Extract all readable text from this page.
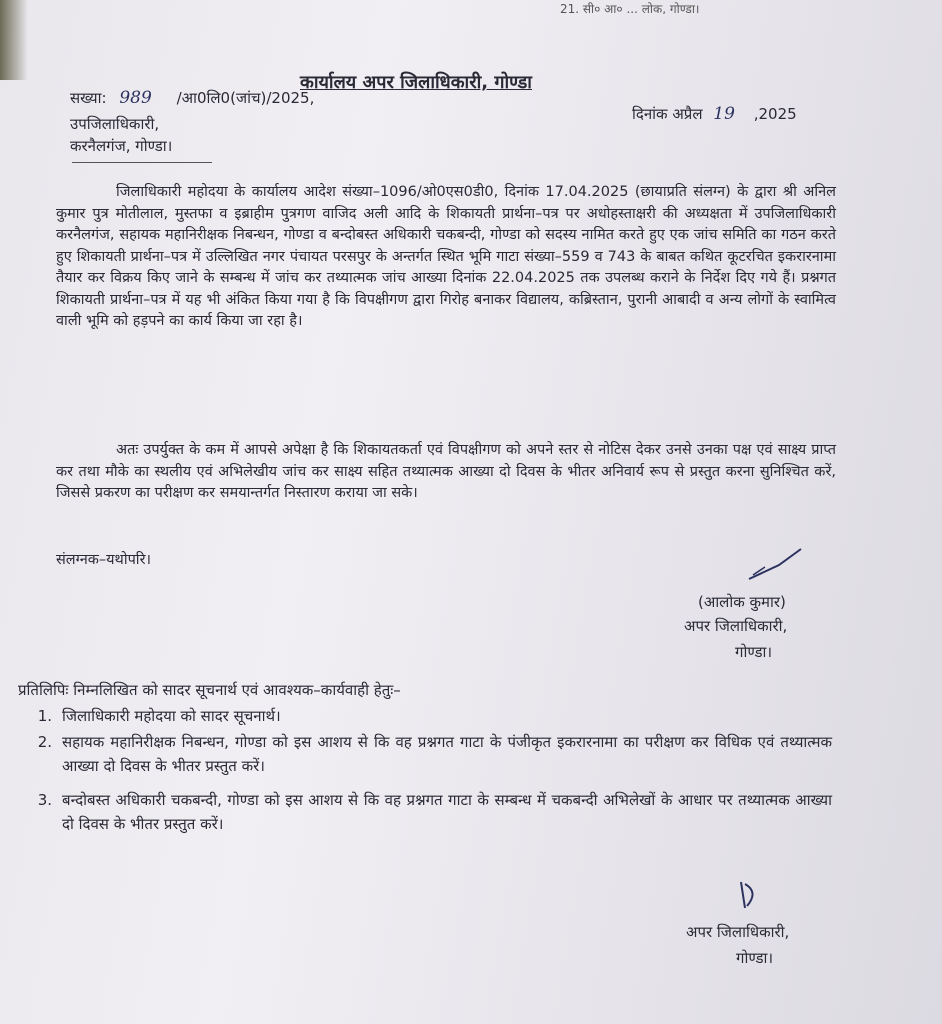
21. सी० आ० ... लोक, गोण्डा।
कार्यालय अपर जिलाधिकारी, गोण्डा
सख्या: 989 /आ0लि0(जांच)/2025,
दिनांक अप्रैल 19 ,2025
उपजिलाधिकारी,
करनैलगंज, गोण्डा।
जिलाधिकारी महोदया के कार्यालय आदेश संख्या–1096/ओ0एस0डी0, दिनांक 17.04.2025 (छायाप्रति संलग्न) के द्वारा श्री अनिल कुमार पुत्र मोतीलाल, मुस्तफा व इब्राहीम पुत्रगण वाजिद अली आदि के शिकायती प्रार्थना–पत्र पर अधोहस्ताक्षरी की अध्यक्षता में उपजिलाधिकारी करनैलगंज, सहायक महानिरीक्षक निबन्धन, गोण्डा व बन्दोबस्त अधिकारी चकबन्दी, गोण्डा को सदस्य नामित करते हुए एक जांच समिति का गठन करते हुए शिकायती प्रार्थना–पत्र में उल्लिखित नगर पंचायत परसपुर के अन्तर्गत स्थित भूमि गाटा संख्या–559 व 743 के बाबत कथित कूटरचित इकरारनामा तैयार कर विक्रय किए जाने के सम्बन्ध में जांच कर तथ्यात्मक जांच आख्या दिनांक 22.04.2025 तक उपलब्ध कराने के निर्देश दिए गये हैं। प्रश्नगत शिकायती प्रार्थना–पत्र में यह भी अंकित किया गया है कि विपक्षीगण द्वारा गिरोह बनाकर विद्यालय, कब्रिस्तान, पुरानी आबादी व अन्य लोगों के स्वामित्व वाली भूमि को हड़पने का कार्य किया जा रहा है।
अतः उपर्युक्त के कम में आपसे अपेक्षा है कि शिकायतकर्ता एवं विपक्षीगण को अपने स्तर से नोटिस देकर उनसे उनका पक्ष एवं साक्ष्य प्राप्त कर तथा मौके का स्थलीय एवं अभिलेखीय जांच कर साक्ष्य सहित तथ्यात्मक आख्या दो दिवस के भीतर अनिवार्य रूप से प्रस्तुत करना सुनिश्चित करें, जिससे प्रकरण का परीक्षण कर समयान्तर्गत निस्तारण कराया जा सके।
संलग्नक–यथोपरि।
(आलोक कुमार)
अपर जिलाधिकारी,
गोण्डा।
प्रतिलिपिः निम्नलिखित को सादर सूचनार्थ एवं आवश्यक–कार्यवाही हेतुः–
1. जिलाधिकारी महोदया को सादर सूचनार्थ।
2. सहायक महानिरीक्षक निबन्धन, गोण्डा को इस आशय से कि वह प्रश्नगत गाटा के पंजीकृत इकरारनामा का परीक्षण कर विधिक एवं तथ्यात्मक आख्या दो दिवस के भीतर प्रस्तुत करें।
3. बन्दोबस्त अधिकारी चकबन्दी, गोण्डा को इस आशय से कि वह प्रश्नगत गाटा के सम्बन्ध में चकबन्दी अभिलेखों के आधार पर तथ्यात्मक आख्या दो दिवस के भीतर प्रस्तुत करें।
अपर जिलाधिकारी,
गोण्डा।
